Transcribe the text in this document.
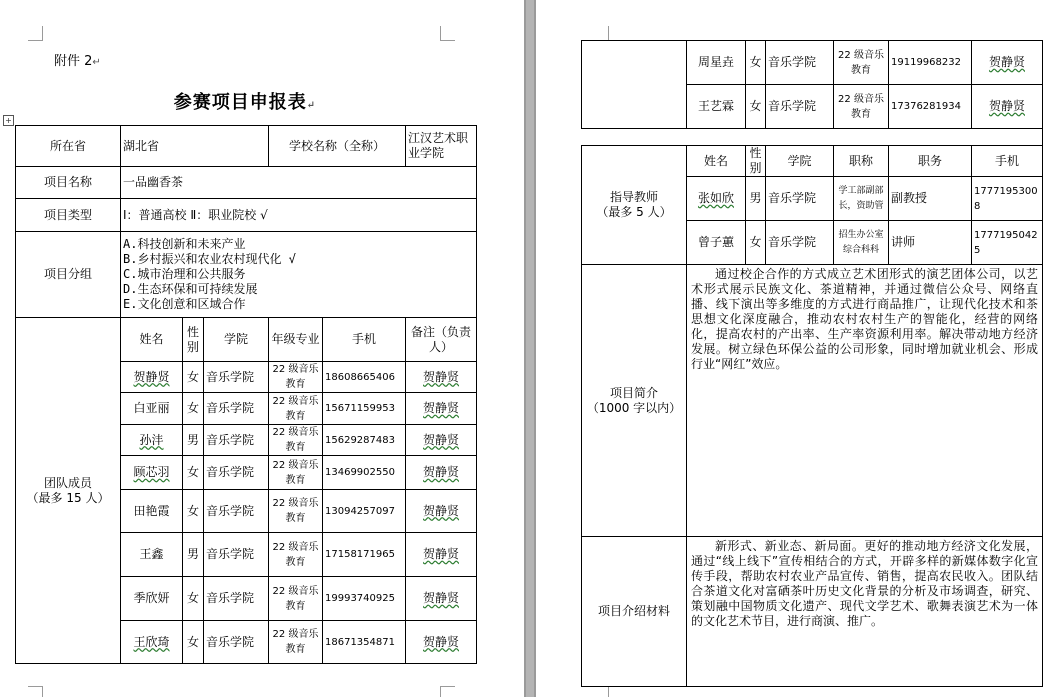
附件 2↵
参赛项目申报表↵
+
所在省	湖北省			学校名称（全称）		江汉艺术职业学院
项目名称	一品幽香茶					
项目类型	Ⅰ：普通高校 Ⅱ：职业院校 √					
项目分组	A.科技创新和未来产业
B.乡村振兴和农业农村现代化 √
C.城市治理和公共服务
D.生态环保和可持续发展
E.文化创意和区域合作					

团队成员
（最多 15 人）	姓名	性别	学院	年级专业	手机	备注（负责人）
	贺静贤	女	音乐学院	22 级音乐教育	18608665406	贺静贤
	白亚丽	女	音乐学院	22 级音乐教育	15671159953	贺静贤
	孙沣	男	音乐学院	22 级音乐教育	15629287483	贺静贤
	顾芯羽	女	音乐学院	22 级音乐教育	13469902550	贺静贤
	田艳霞	女	音乐学院	22 级音乐教育	13094257097	贺静贤
	王鑫	男	音乐学院	22 级音乐教育	17158171965	贺静贤
	季欣妍	女	音乐学院	22 级音乐教育	19993740925	贺静贤
	王欣琦	女	音乐学院	22 级音乐教育	18671354871	贺静贤
	周星垚	女	音乐学院	22 级音乐教育	19119968232	贺静贤
	王艺霖	女	音乐学院	22 级音乐教育	17376281934	贺静贤

指导教师
（最多 5 人）	姓名	性别	学院	职称	职务	手机
	张如欣	男	音乐学院	学工部副部长，资助管	副教授	17771953008
	曾子蕙	女	音乐学院	招生办公室综合科科	讲师	17771950425

项目简介
（1000 字以内）	通过校企合作的方式成立艺术团形式的演艺团体公司，以艺术形式展示民族文化、茶道精神，并通过微信公众号、网络直播、线下演出等多维度的方式进行商品推广，让现代化技术和茶思想文化深度融合，推动农村农村生产的智能化，经营的网络化，提高农村的产出率、生产率资源利用率。解决带动地方经济发展。树立绿色环保公益的公司形象，同时增加就业机会、形成行业“网红”效应。					

项目介绍材料	新形式、新业态、新局面。更好的推动地方经济文化发展，通过“线上线下”宣传相结合的方式，开辟多样的新媒体数字化宣传手段，帮助农村农业产品宣传、销售，提高农民收入。团队结合茶道文化对富硒茶叶历史文化背景的分析及市场调查，研究、策划融中国物质文化遗产、现代文学艺术、歌舞表演艺术为一体的文化艺术节目，进行商演、推广。					
